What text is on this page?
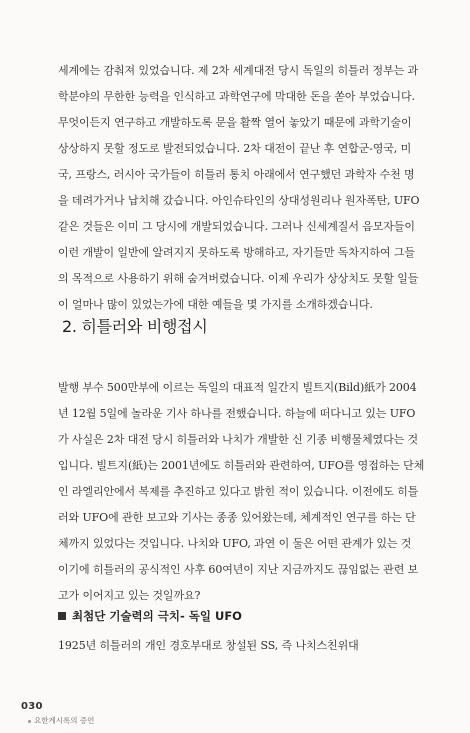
세계에는 감춰져 있었습니다. 제 2차 세계대전 당시 독일의 히틀러 정부는 과
학분야의 무한한 능력을 인식하고 과학연구에 막대한 돈을 쏟아 부었습니다.
무엇이든지 연구하고 개발하도록 문을 활짝 열어 놓았기 때문에 과학기술이
상상하지 못할 정도로 발전되었습니다. 2차 대전이 끝난 후 연합군-영국, 미
국, 프랑스, 러시아 국가들이 히틀러 통치 아래에서 연구했던 과학자 수천 명
을 데려가거나 납치해 갔습니다. 아인슈타인의 상대성원리나 원자폭탄, UFO
같은 것들은 이미 그 당시에 개발되었습니다. 그러나 신세계질서 음모자들이
이런 개발이 일반에 알려지지 못하도록 방해하고, 자기들만 독차지하여 그들
의 목적으로 사용하기 위해 숨겨버렸습니다. 이제 우리가 상상치도 못할 일들
이 얼마나 많이 있었는가에 대한 예들을 몇 가지를 소개하겠습니다.

2. 히틀러와 비행접시

발행 부수 500만부에 이르는 독일의 대표적 일간지 빌트지(Bild)紙가 2004
년 12월 5일에 놀라운 기사 하나를 전했습니다. 하늘에 떠다니고 있는 UFO
가 사실은 2차 대전 당시 히틀러와 나치가 개발한 신 기종 비행물체였다는 것
입니다. 빌트지(紙)는 2001년에도 히틀러와 관련하여, UFO를 영접하는 단체
인 라엘리안에서 복제를 추진하고 있다고 밝힌 적이 있습니다. 이전에도 히틀
러와 UFO에 관한 보고와 기사는 종종 있어왔는데, 체계적인 연구를 하는 단
체까지 있었다는 것입니다. 나치와 UFO, 과연 이 둘은 어떤 관계가 있는 것
이기에 히틀러의 공식적인 사후 60여년이 지난 지금까지도 끊임없는 관련 보
고가 이어지고 있는 것일까요?

최첨단 기술력의 극치- 독일 UFO

1925년 히틀러의 개인 경호부대로 창설된 SS, 즉 나치스친위대

030
요한계시록의 증언
